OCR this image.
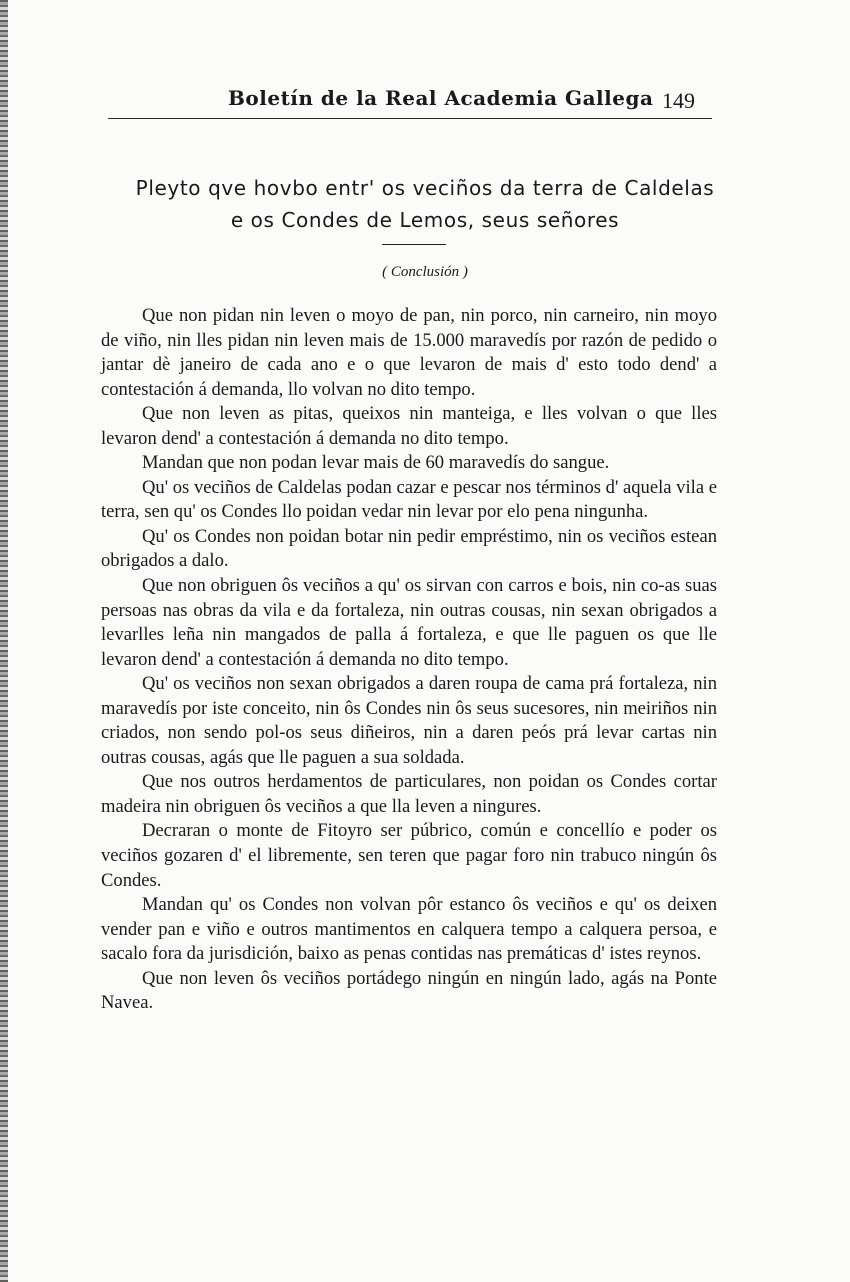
Boletín de la Real Academia Gallega 149
Pleyto qve hovbo entr' os veciños da terra de Caldelas
e os Condes de Lemos, seus señores
( Conclusión )

Que non pidan nin leven o moyo de pan, nin porco, nin carneiro, nin moyo de viño, nin lles pidan nin leven mais de 15.000 maravedís por razón de pedido o jantar dè janeiro de cada ano e o que levaron de mais d' esto todo dend' a contestación á demanda, llo volvan no dito tempo.

Que non leven as pitas, queixos nin manteiga, e lles volvan o que lles levaron dend' a contestación á demanda no dito tempo.

Mandan que non podan levar mais de 60 maravedís do sangue.

Qu' os veciños de Caldelas podan cazar e pescar nos términos d' aquela vila e terra, sen qu' os Condes llo poidan vedar nin levar por elo pena ningunha.

Qu' os Condes non poidan botar nin pedir empréstimo, nin os veciños estean obrigados a dalo.

Que non obriguen ôs veciños a qu' os sirvan con carros e bois, nin co-as suas persoas nas obras da vila e da fortaleza, nin outras cousas, nin sexan obrigados a levarlles leña nin mangados de palla á fortaleza, e que lle paguen os que lle levaron dend' a contestación á demanda no dito tempo.

Qu' os veciños non sexan obrigados a daren roupa de cama prá fortaleza, nin maravedís por iste conceito, nin ôs Condes nin ôs seus sucesores, nin meiriños nin criados, non sendo pol-os seus diñeiros, nin a daren peós prá levar cartas nin outras cousas, agás que lle paguen a sua soldada.

Que nos outros herdamentos de particulares, non poidan os Condes cortar madeira nin obriguen ôs veciños a que lla leven a ningures.

Decraran o monte de Fitoyro ser púbrico, común e concellío e poder os veciños gozaren d' el libremente, sen teren que pagar foro nin trabuco ningún ôs Condes.

Mandan qu' os Condes non volvan pôr estanco ôs veciños e qu' os deixen vender pan e viño e outros mantimentos en calquera tempo a calquera persoa, e sacalo fora da jurisdición, baixo as penas contidas nas premáticas d' istes reynos.

Que non leven ôs veciños portádego ningún en ningún lado, agás na Ponte Navea.
